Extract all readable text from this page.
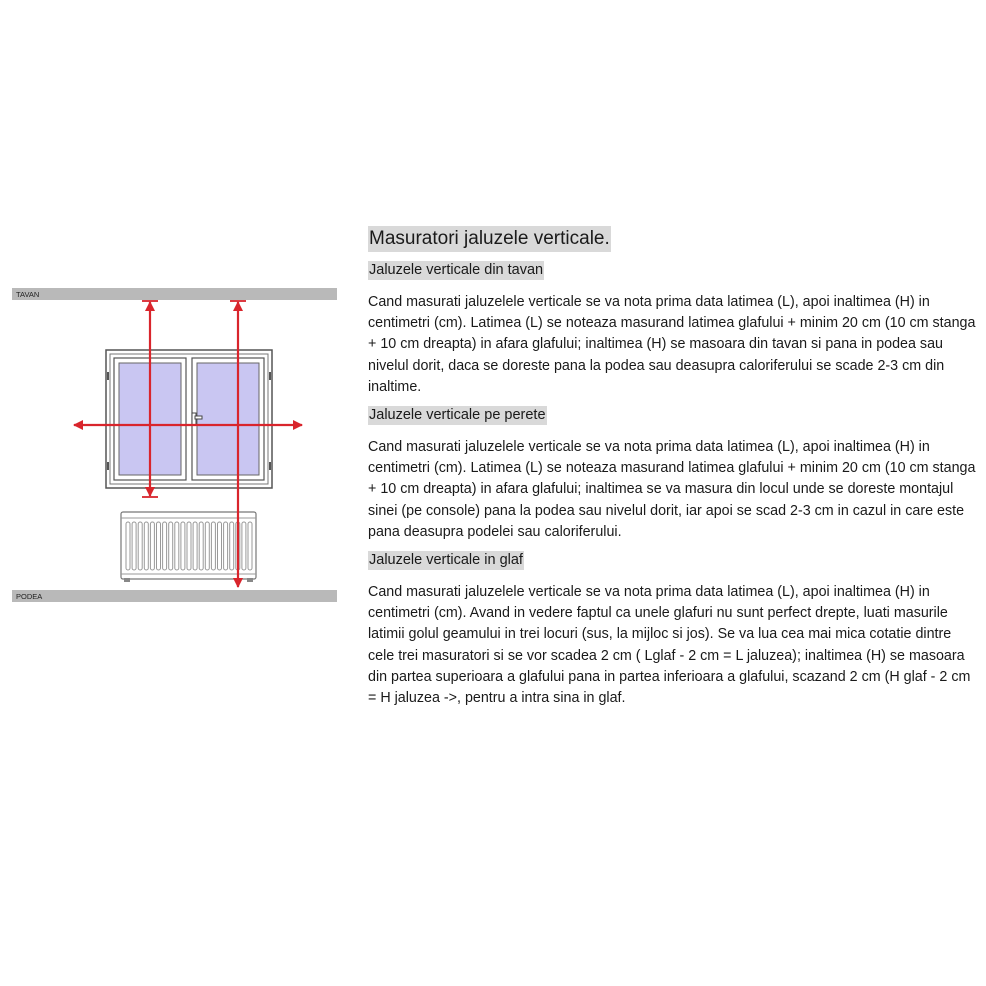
TAVAN
PODEA
Masuratori jaluzele verticale.
Jaluzele verticale din tavan

Cand masurati jaluzelele verticale se va nota prima data latimea (L), apoi inaltimea (H) in centimetri (cm). Latimea (L) se noteaza masurand latimea glafului + minim 20 cm (10 cm stanga + 10 cm dreapta) in afara glafului; inaltimea (H) se masoara din tavan si pana in podea sau nivelul dorit, daca se doreste pana la podea sau deasupra caloriferului se scade 2-3 cm din inaltime.

Jaluzele verticale pe perete

Cand masurati jaluzelele verticale se va nota prima data latimea (L), apoi inaltimea (H) in centimetri (cm). Latimea (L) se noteaza masurand latimea glafului + minim 20 cm (10 cm stanga + 10 cm dreapta) in afara glafului; inaltimea se va masura din locul unde se doreste montajul sinei (pe console) pana la podea sau nivelul dorit, iar apoi se scad 2-3 cm in cazul in care este pana deasupra podelei sau caloriferului.

Jaluzele verticale in glaf

Cand masurati jaluzelele verticale se va nota prima data latimea (L), apoi inaltimea (H) in centimetri (cm). Avand in vedere faptul ca unele glafuri nu sunt perfect drepte, luati masurile latimii golul geamului in trei locuri (sus, la mijloc si jos). Se va lua cea mai mica cotatie dintre cele trei masuratori si se vor scadea 2 cm ( Lglaf - 2 cm = L jaluzea); inaltimea (H) se masoara din partea superioara a glafului pana in partea inferioara a glafului, scazand 2 cm (H glaf - 2 cm = H jaluzea ->, pentru a intra sina in glaf.
